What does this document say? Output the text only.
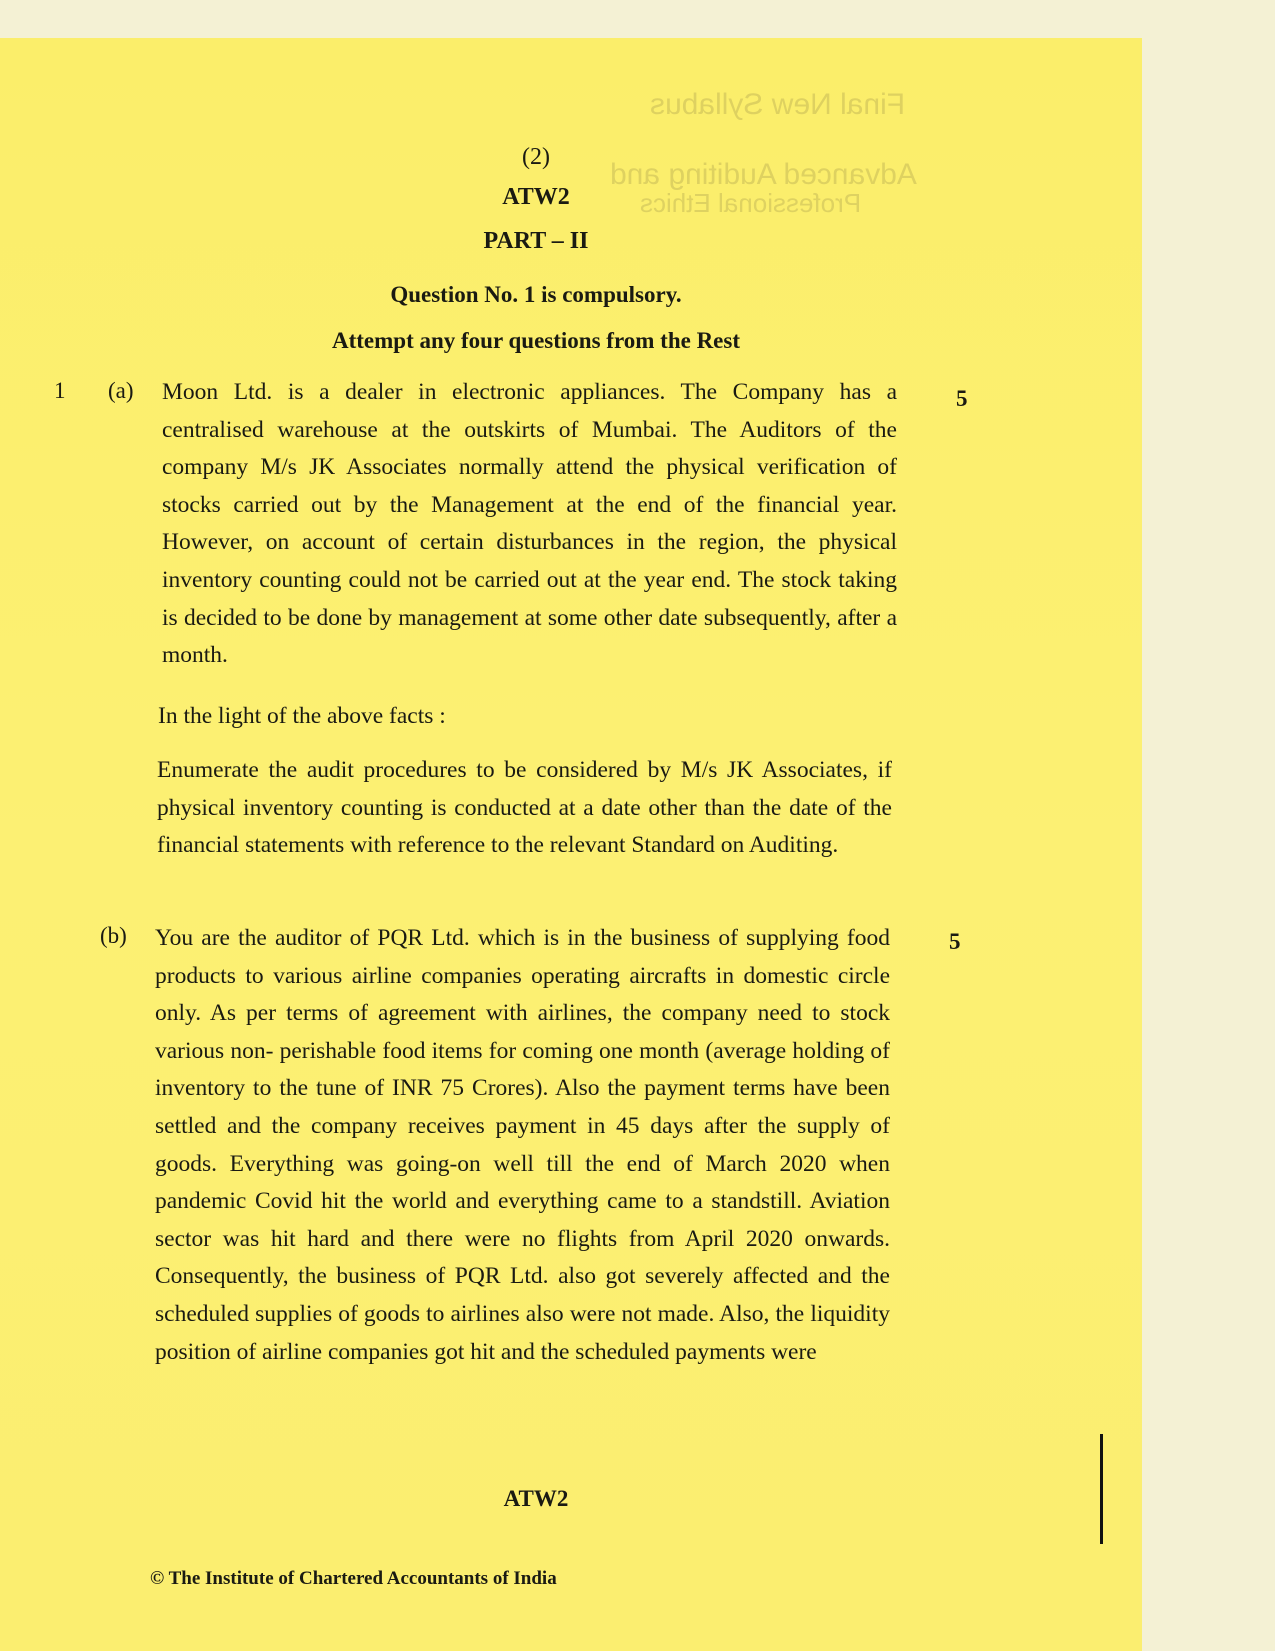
Final New Syllabus
Advanced Auditing and
Professional Ethics
(2)
ATW2
PART – II
Question No. 1 is compulsory.
Attempt any four questions from the Rest
1 (a)	5

Moon Ltd. is a dealer in electronic appliances. The Company has a centralised warehouse at the outskirts of Mumbai. The Auditors of the company M/s JK Associates normally attend the physical verification of stocks carried out by the Management at the end of the financial year. However, on account of certain disturbances in the region, the physical inventory counting could not be carried out at the year end. The stock taking is decided to be done by management at some other date subsequently, after a month.

In the light of the above facts :

Enumerate the audit procedures to be considered by M/s JK Associates, if physical inventory counting is conducted at a date other than the date of the financial statements with reference to the relevant Standard on Auditing.

(b)	5

You are the auditor of PQR Ltd. which is in the business of supplying food products to various airline companies operating aircrafts in domestic circle only. As per terms of agreement with airlines, the company need to stock various non- perishable food items for coming one month (average holding of inventory to the tune of INR 75 Crores). Also the payment terms have been settled and the company receives payment in 45 days after the supply of goods. Everything was going-on well till the end of March 2020 when pandemic Covid hit the world and everything came to a standstill. Aviation sector was hit hard and there were no flights from April 2020 onwards. Consequently, the business of PQR Ltd. also got severely affected and the scheduled supplies of goods to airlines also were not made. Also, the liquidity position of airline companies got hit and the scheduled payments were

ATW2
© The Institute of Chartered Accountants of India
